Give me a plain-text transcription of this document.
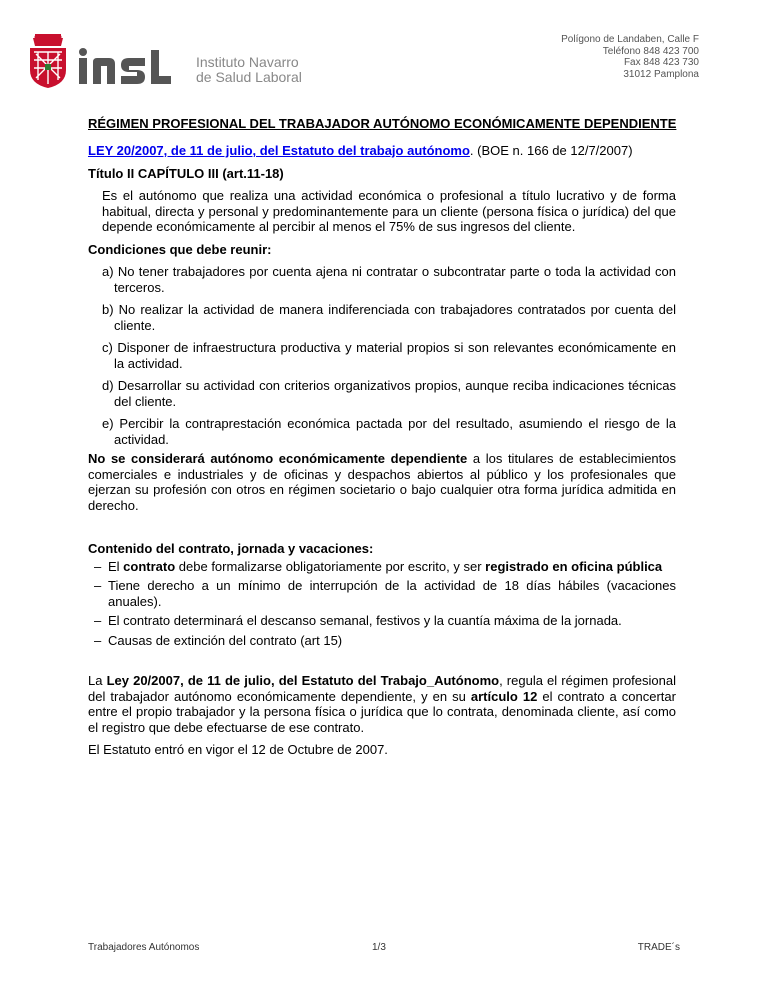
Polígono de Landaben, Calle F
Teléfono 848 423 700
Fax 848 423 730
31012 Pamplona
Instituto Navarro
de Salud Laboral
RÉGIMEN PROFESIONAL DEL TRABAJADOR AUTÓNOMO ECONÓMICAMENTE DEPENDIENTE

LEY 20/2007, de 11 de julio, del Estatuto del trabajo autónomo. (BOE n. 166 de 12/7/2007)

Título II CAPÍTULO III (art.11-18)

Es el autónomo que realiza una actividad económica o profesional a título lucrativo y de forma habitual, directa y personal y predominantemente para un cliente (persona física o jurídica) del que depende económicamente al percibir al menos el 75% de sus ingresos del cliente.

Condiciones que debe reunir:

a) No tener trabajadores por cuenta ajena ni contratar o subcontratar parte o toda la actividad con terceros.

b) No realizar la actividad de manera indiferenciada con trabajadores contratados por cuenta del cliente.

c) Disponer de infraestructura productiva y material propios si son relevantes económicamente en la actividad.

d) Desarrollar su actividad con criterios organizativos propios, aunque reciba indicaciones técnicas del cliente.

e) Percibir la contraprestación económica pactada por del resultado, asumiendo el riesgo de la actividad.

No se considerará autónomo económicamente dependiente a los titulares de establecimientos comerciales e industriales y de oficinas y despachos abiertos al público y los profesionales que ejerzan su profesión con otros en régimen societario o bajo cualquier otra forma jurídica admitida en derecho.

Contenido del contrato, jornada y vacaciones:
– El contrato debe formalizarse obligatoriamente por escrito, y ser registrado en oficina pública
– Tiene derecho a un mínimo de interrupción de la actividad de 18 días hábiles (vacaciones anuales).
– El contrato determinará el descanso semanal, festivos y la cuantía máxima de la jornada.
– Causas de extinción del contrato (art 15)

La Ley 20/2007, de 11 de julio, del Estatuto del Trabajo_Autónomo, regula el régimen profesional del trabajador autónomo económicamente dependiente, y en su artículo 12 el contrato a concertar entre el propio trabajador y la persona física o jurídica que lo contrata, denominada cliente, así como el registro que debe efectuarse de ese contrato.

El Estatuto entró en vigor el 12 de Octubre de 2007.

Trabajadores Autónomos	1/3	TRADE´s
